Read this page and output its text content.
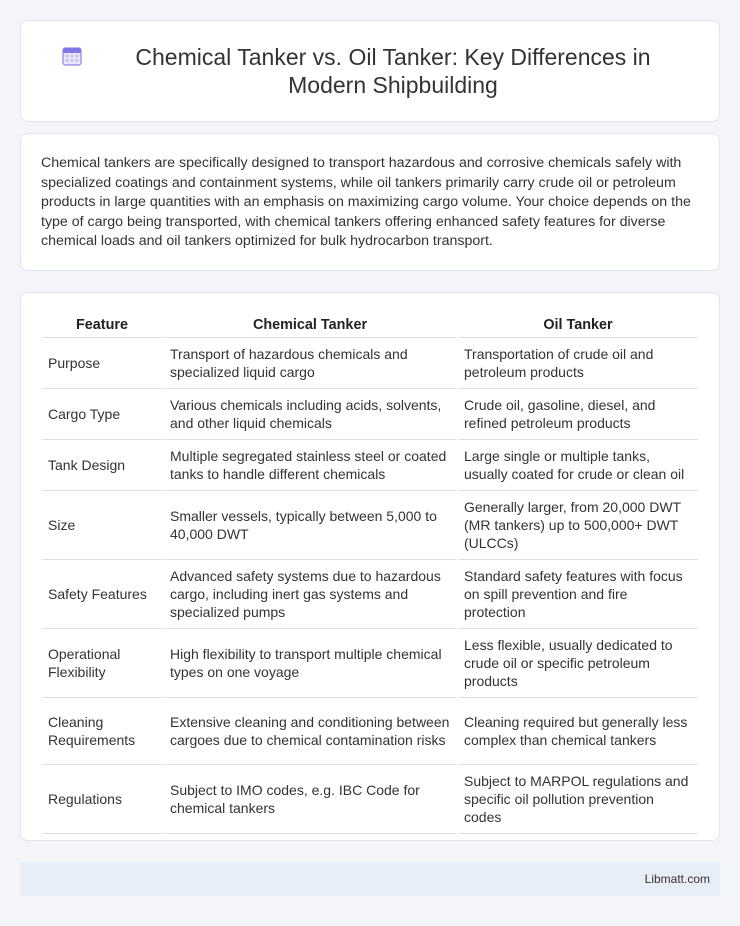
Chemical Tanker vs. Oil Tanker: Key Differences in Modern Shipbuilding

Chemical tankers are specifically designed to transport hazardous and corrosive chemicals safely with specialized coatings and containment systems, while oil tankers primarily carry crude oil or petroleum products in large quantities with an emphasis on maximizing cargo volume. Your choice depends on the type of cargo being transported, with chemical tankers offering enhanced safety features for diverse chemical loads and oil tankers optimized for bulk hydrocarbon transport.

Feature	Chemical Tanker	Oil Tanker
Purpose	Transport of hazardous chemicals and specialized liquid cargo	Transportation of crude oil and petroleum products
Cargo Type	Various chemicals including acids, solvents, and other liquid chemicals	Crude oil, gasoline, diesel, and refined petroleum products
Tank Design	Multiple segregated stainless steel or coated tanks to handle different chemicals	Large single or multiple tanks, usually coated for crude or clean oil
Size	Smaller vessels, typically between 5,000 to 40,000 DWT	Generally larger, from 20,000 DWT (MR tankers) up to 500,000+ DWT (ULCCs)
Safety Features	Advanced safety systems due to hazardous cargo, including inert gas systems and specialized pumps	Standard safety features with focus on spill prevention and fire protection
Operational Flexibility	High flexibility to transport multiple chemical types on one voyage	Less flexible, usually dedicated to crude oil or specific petroleum products
Cleaning Requirements	Extensive cleaning and conditioning between cargoes due to chemical contamination risks	Cleaning required but generally less complex than chemical tankers
Regulations	Subject to IMO codes, e.g. IBC Code for chemical tankers	Subject to MARPOL regulations and specific oil pollution prevention codes
Libmatt.com
